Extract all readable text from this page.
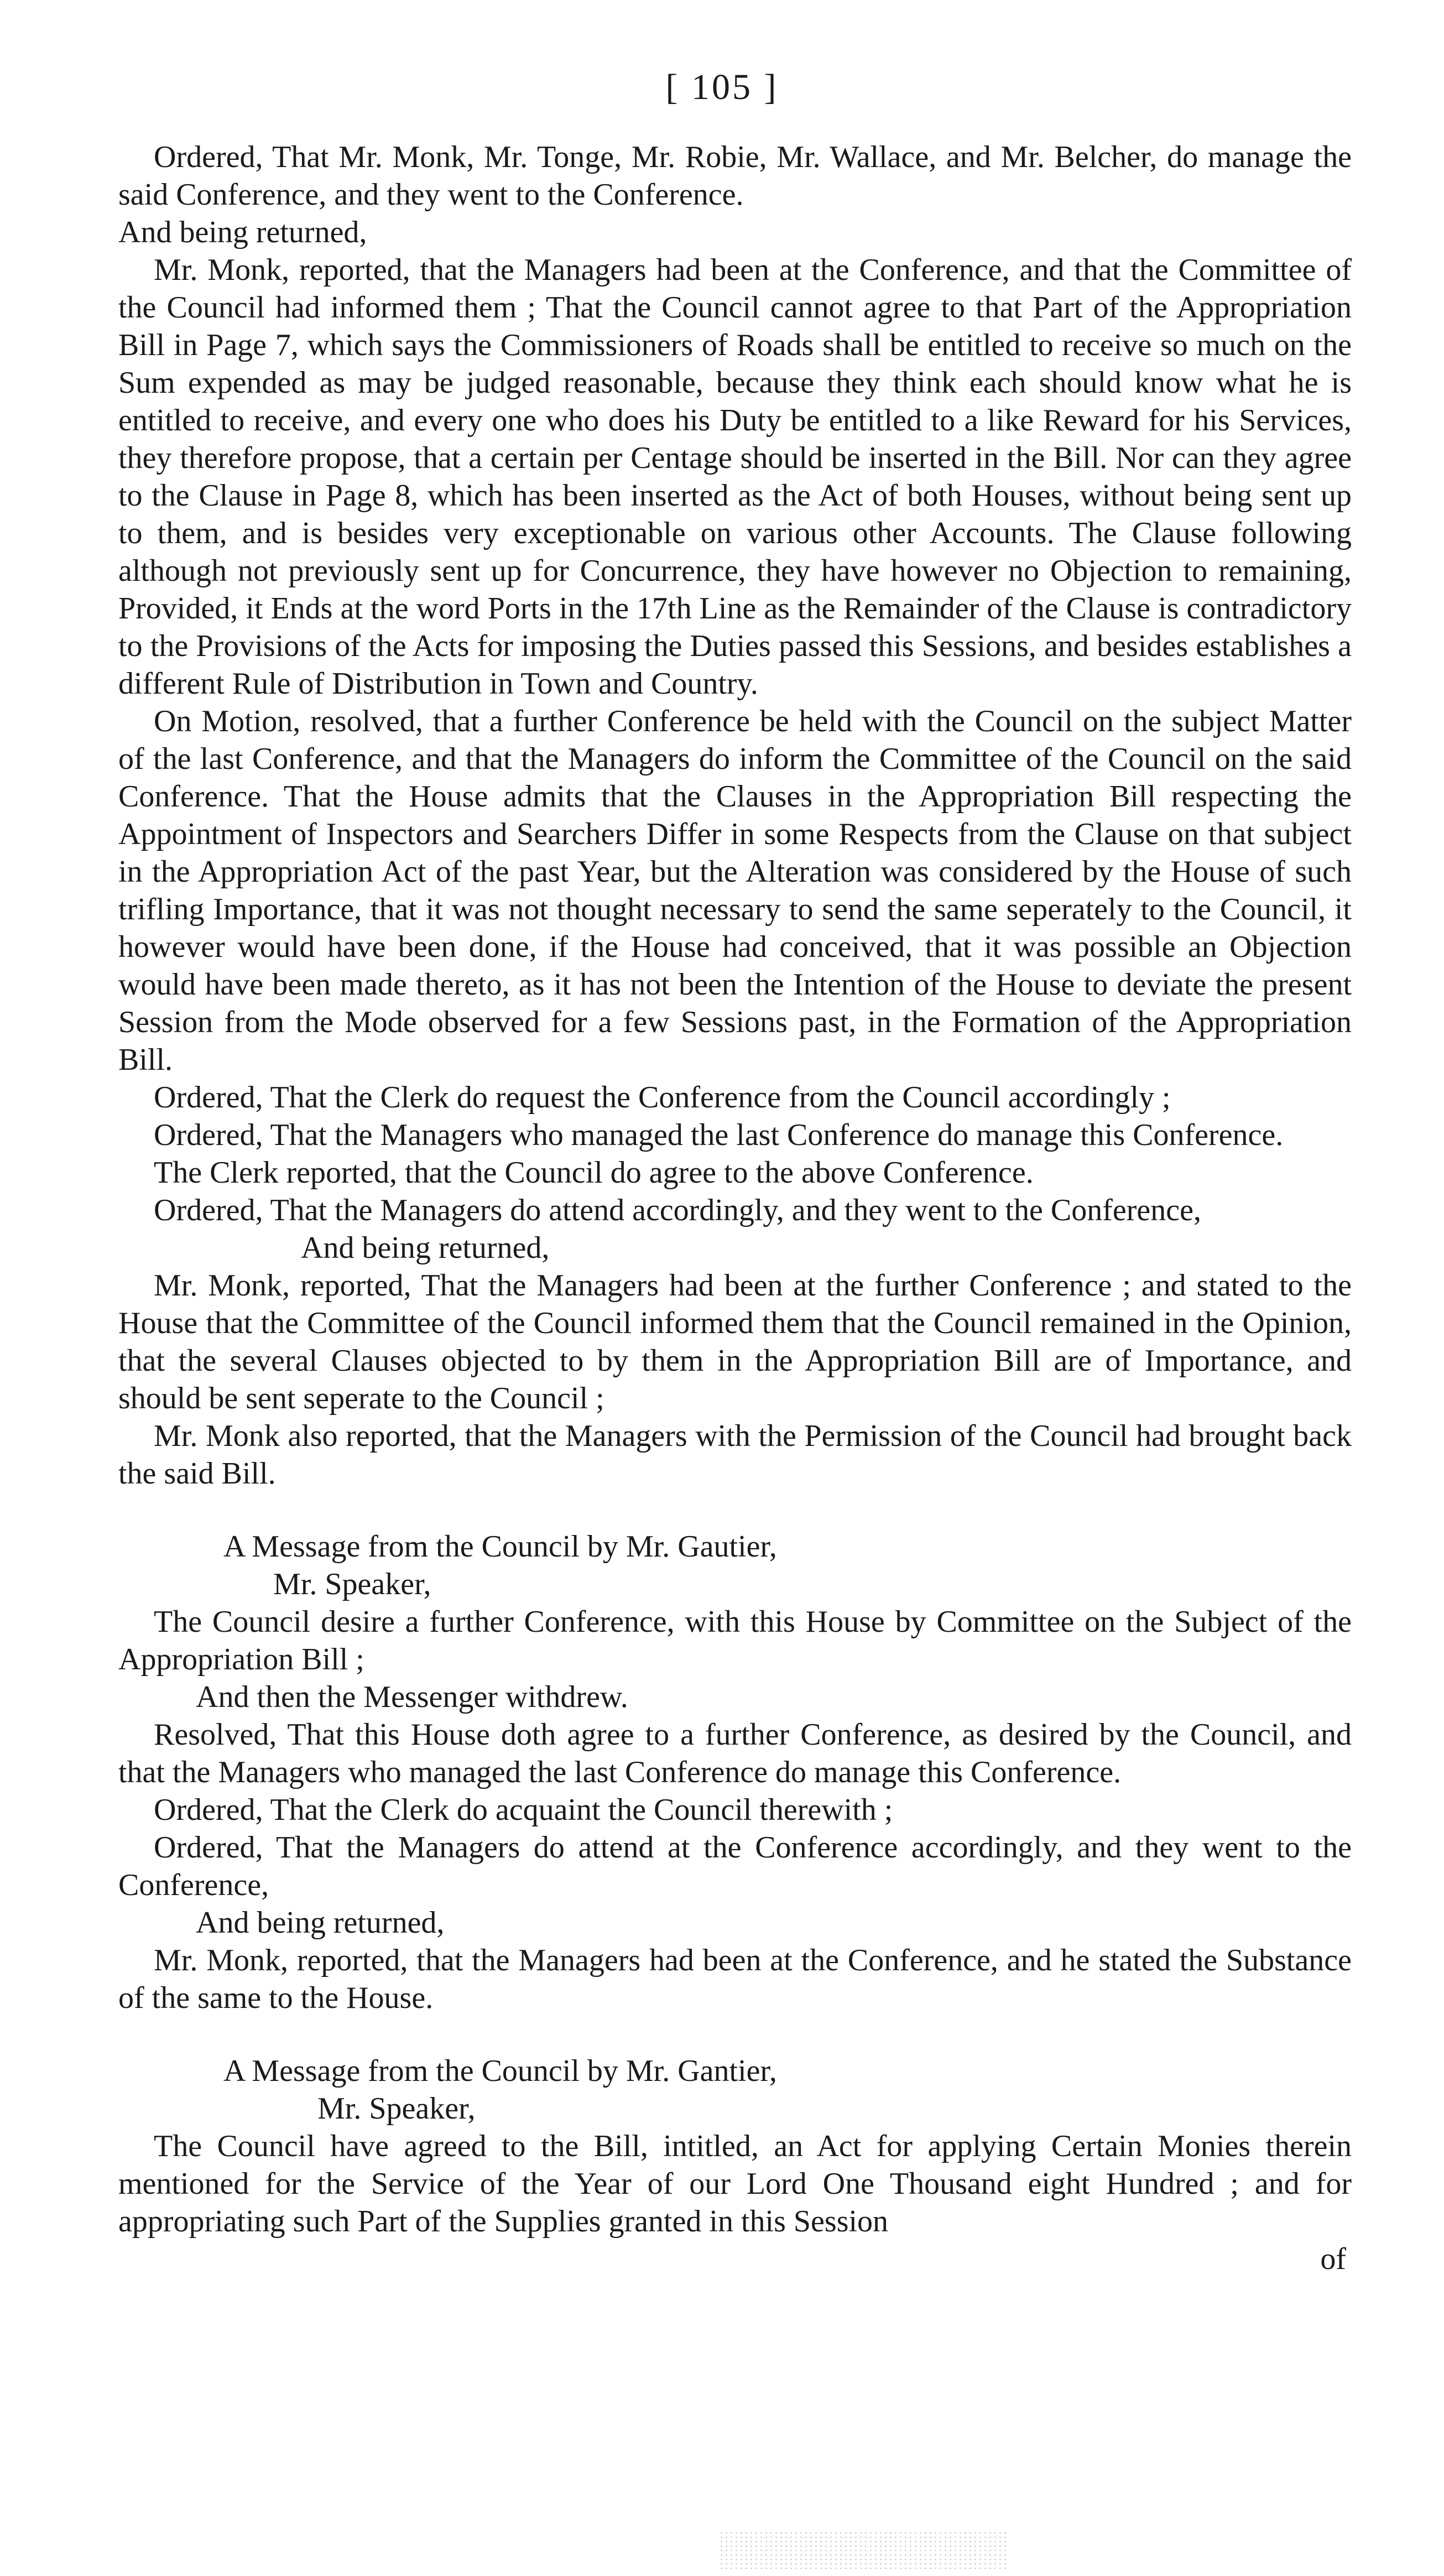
[ 105 ]

Ordered, That Mr. Monk, Mr. Tonge, Mr. Robie, Mr. Wallace, and Mr. Belcher, do manage the said Conference, and they went to the Conference.

And being returned,

Mr. Monk, reported, that the Managers had been at the Conference, and that the Committee of the Council had informed them ; That the Council cannot agree to that Part of the Appropriation Bill in Page 7, which says the Commissioners of Roads shall be entitled to receive so much on the Sum expended as may be judged reasonable, because they think each should know what he is entitled to receive, and every one who does his Duty be entitled to a like Reward for his Services, they therefore propose, that a certain per Centage should be inserted in the Bill. Nor can they agree to the Clause in Page 8, which has been inserted as the Act of both Houses, without being sent up to them, and is besides very exceptionable on various other Accounts. The Clause following although not previously sent up for Concurrence, they have however no Objection to remaining, Provided, it Ends at the word Ports in the 17th Line as the Remainder of the Clause is contradictory to the Provisions of the Acts for imposing the Duties passed this Sessions, and besides establishes a different Rule of Distribution in Town and Country.

On Motion, resolved, that a further Conference be held with the Council on the subject Matter of the last Conference, and that the Managers do inform the Committee of the Council on the said Conference. That the House admits that the Clauses in the Appropriation Bill respecting the Appointment of Inspectors and Searchers Differ in some Respects from the Clause on that subject in the Appropriation Act of the past Year, but the Alteration was considered by the House of such trifling Importance, that it was not thought necessary to send the same seperately to the Council, it however would have been done, if the House had conceived, that it was possible an Objection would have been made thereto, as it has not been the Intention of the House to deviate the present Session from the Mode observed for a few Sessions past, in the Formation of the Appropriation Bill.

Ordered, That the Clerk do request the Conference from the Council accordingly ;

Ordered, That the Managers who managed the last Conference do manage this Conference.

The Clerk reported, that the Council do agree to the above Conference.

Ordered, That the Managers do attend accordingly, and they went to the Conference,

And being returned,

Mr. Monk, reported, That the Managers had been at the further Conference ; and stated to the House that the Committee of the Council informed them that the Council remained in the Opinion, that the several Clauses objected to by them in the Appropriation Bill are of Importance, and should be sent seperate to the Council ;

Mr. Monk also reported, that the Managers with the Permission of the Council had brought back the said Bill.

A Message from the Council by Mr. Gautier,

Mr. Speaker,

The Council desire a further Conference, with this House by Committee on the Subject of the Appropriation Bill ;

And then the Messenger withdrew.

Resolved, That this House doth agree to a further Conference, as desired by the Council, and that the Managers who managed the last Conference do manage this Conference.

Ordered, That the Clerk do acquaint the Council therewith ;

Ordered, That the Managers do attend at the Conference accordingly, and they went to the Conference,

And being returned,

Mr. Monk, reported, that the Managers had been at the Conference, and he stated the Substance of the same to the House.

A Message from the Council by Mr. Gantier,

Mr. Speaker,

The Council have agreed to the Bill, intitled, an Act for applying Certain Monies therein mentioned for the Service of the Year of our Lord One Thousand eight Hundred ; and for appropriating such Part of the Supplies granted in this Session

of
